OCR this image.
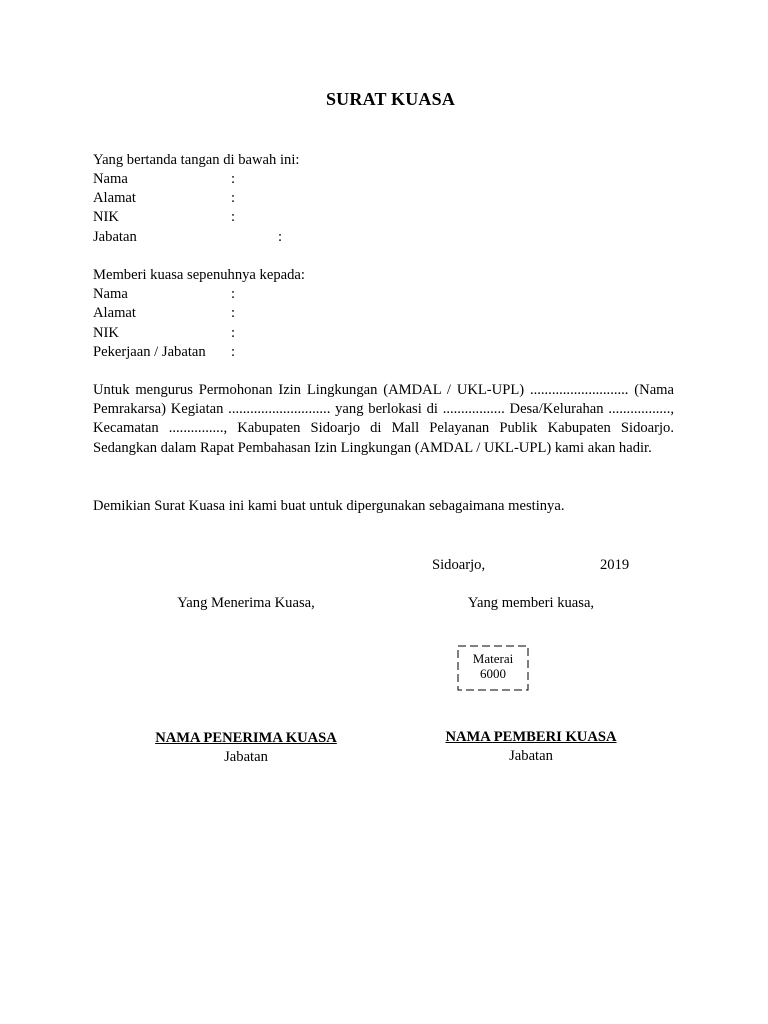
SURAT KUASA
Yang bertanda tangan di bawah ini:
Nama	:
Alamat	:
NIK	:
Jabatan	:
Memberi kuasa sepenuhnya kepada:
Nama	:
Alamat	:
NIK	:
Pekerjaan / Jabatan :
Untuk mengurus Permohonan Izin Lingkungan (AMDAL / UKL-UPL) ........................... (Nama Pemrakarsa) Kegiatan ............................ yang berlokasi di ................. Desa/Kelurahan ................., Kecamatan ..............., Kabupaten Sidoarjo di Mall Pelayanan Publik Kabupaten Sidoarjo. Sedangkan dalam Rapat Pembahasan Izin Lingkungan (AMDAL / UKL-UPL) kami akan hadir.
Demikian Surat Kuasa ini kami buat untuk dipergunakan sebagaimana mestinya.
Sidoarjo,	2019
Yang Menerima Kuasa,	Yang memberi kuasa,
Materai
6000
NAMA PENERIMA KUASA
Jabatan
NAMA PEMBERI KUASA
Jabatan
